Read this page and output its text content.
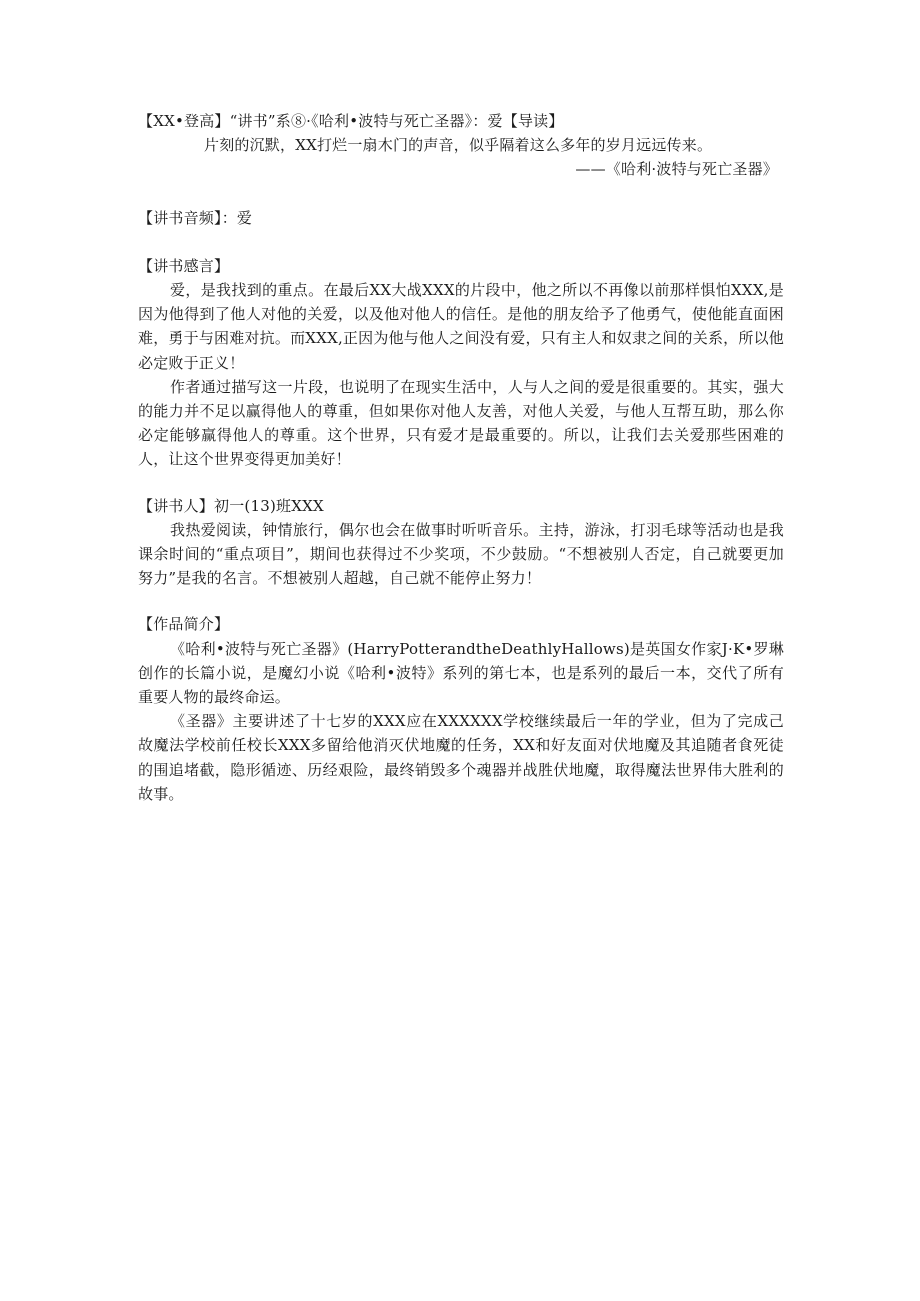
【XX•登高】“讲书”系⑧·《哈利•波特与死亡圣器》：爱【导读】
片刻的沉默，XX打烂一扇木门的声音，似乎隔着这么多年的岁月远远传来。
——《哈利·波特与死亡圣器》
【讲书音频】：爱
【讲书感言】

爱，是我找到的重点。在最后XX大战XXX的片段中，他之所以不再像以前那样惧怕XXX,是因为他得到了他人对他的关爱，以及他对他人的信任。是他的朋友给予了他勇气，使他能直面困难，勇于与困难对抗。而XXX,正因为他与他人之间没有爱，只有主人和奴隶之间的关系，所以他必定败于正义！

作者通过描写这一片段，也说明了在现实生活中，人与人之间的爱是很重要的。其实，强大的能力并不足以赢得他人的尊重，但如果你对他人友善，对他人关爱，与他人互帮互助，那么你必定能够赢得他人的尊重。这个世界，只有爱才是最重要的。所以，让我们去关爱那些困难的人，让这个世界变得更加美好！

【讲书人】初一(13)班XXX

我热爱阅读，钟情旅行，偶尔也会在做事时听听音乐。主持，游泳，打羽毛球等活动也是我课余时间的“重点项目”，期间也获得过不少奖项，不少鼓励。“不想被别人否定，自己就要更加努力”是我的名言。不想被别人超越，自己就不能停止努力！

【作品简介】

《哈利•波特与死亡圣器》(HarryPotterandtheDeathlyHallows)是英国女作家J·K•罗琳创作的长篇小说，是魔幻小说《哈利•波特》系列的第七本，也是系列的最后一本，交代了所有重要人物的最终命运。

《圣器》主要讲述了十七岁的XXX应在XXXXXX学校继续最后一年的学业，但为了完成己故魔法学校前任校长XXX多留给他消灭伏地魔的任务，XX和好友面对伏地魔及其追随者食死徒的围追堵截，隐形循迹、历经艰险，最终销毁多个魂器并战胜伏地魔，取得魔法世界伟大胜利的故事。
